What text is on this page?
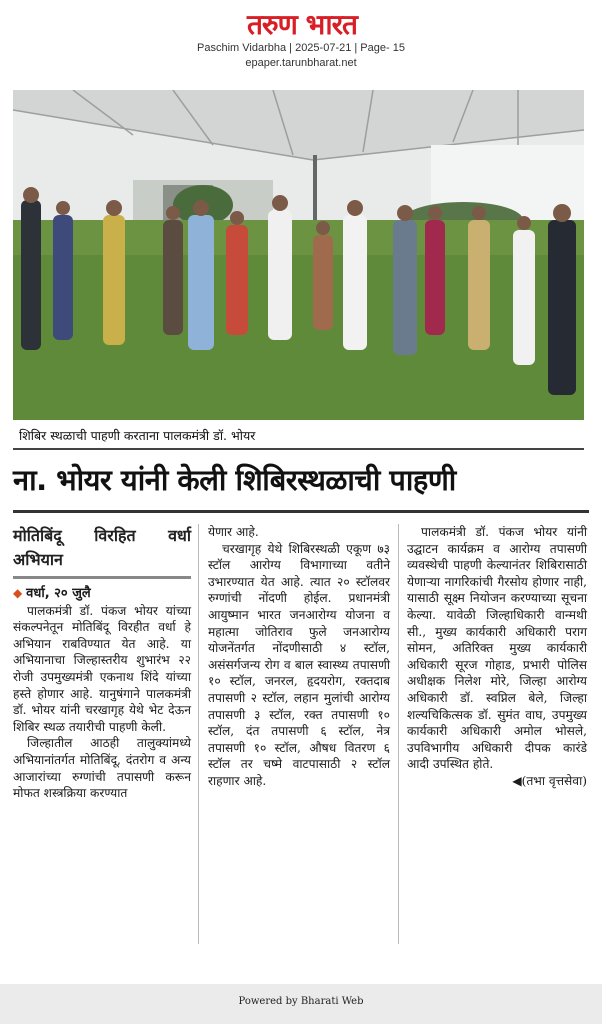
तरुण भारत
Paschim Vidarbha | 2025-07-21 | Page- 15
epaper.tarunbharat.net
शिबिर स्थळाची पाहणी करताना पालकमंत्री डॉ. भोयर
ना. भोयर यांनी केली शिबिरस्थळाची पाहणी
मोतिबिंदू विरहित वर्धा अभियान

◆ वर्धा, २० जुलै

पालकमंत्री डॉ. पंकज भोयर यांच्या संकल्पनेतून मोतिबिंदू विरहीत वर्धा हे अभियान राबविण्यात येत आहे. या अभियानाचा जिल्हास्तरीय शुभारंभ २२ रोजी उपमुख्यमंत्री एकनाथ शिंदे यांच्या हस्ते होणार आहे. यानुषंगाने पालकमंत्री डॉ. भोयर यांनी चरखागृह येथे भेट देऊन शिबिर स्थळ तयारीची पाहणी केली.

जिल्हातील आठही तालुक्यांमध्ये अभियानांतर्गत मोतिबिंदू, दंतरोग व अन्य आजारांच्या रुग्णांची तपासणी करून मोफत शस्त्रक्रिया करण्यात

येणार आहे.

चरखागृह येथे शिबिरस्थळी एकूण ७३ स्टॉल आरोग्य विभागाच्या वतीने उभारण्यात येत आहे. त्यात २० स्टॉलवर रुग्णांची नोंदणी होईल. प्रधानमंत्री आयुष्मान भारत जनआरोग्य योजना व महात्मा जोतिराव फुले जनआरोग्य योजनेंतर्गत नोंदणीसाठी ४ स्टॉल, असंसर्गजन्य रोग व बाल स्वास्थ्य तपासणी १० स्टॉल, जनरल, हृदयरोग, रक्तदाब तपासणी २ स्टॉल, लहान मुलांची आरोग्य तपासणी ३ स्टॉल, रक्त तपासणी १० स्टॉल, दंत तपासणी ६ स्टॉल, नेत्र तपासणी १० स्टॉल, औषध वितरण ६ स्टॉल तर चष्मे वाटपासाठी २ स्टॉल राहणार आहे.

पालकमंत्री डॉ. पंकज भोयर यांनी उद्घाटन कार्यक्रम व आरोग्य तपासणी व्यवस्थेची पाहणी केल्यानंतर शिबिरासाठी येणाऱ्या नागरिकांची गैरसोय होणार नाही, यासाठी सूक्ष्म नियोजन करण्याच्या सूचना केल्या. यावेळी जिल्हाधिकारी वान्मथी सी., मुख्य कार्यकारी अधिकारी पराग सोमन, अतिरिक्त मुख्य कार्यकारी अधिकारी सूरज गोहाड, प्रभारी पोलिस अधीक्षक निलेश मोरे, जिल्हा आरोग्य अधिकारी डॉ. स्वप्निल बेले, जिल्हा शल्यचिकित्सक डॉ. सुमंत वाघ, उपमुख्य कार्यकारी अधिकारी अमोल भोसले, उपविभागीय अधिकारी दीपक कारंडे आदी उपस्थित होते.

◀(तभा वृत्तसेवा)

Powered by Bharati Web
